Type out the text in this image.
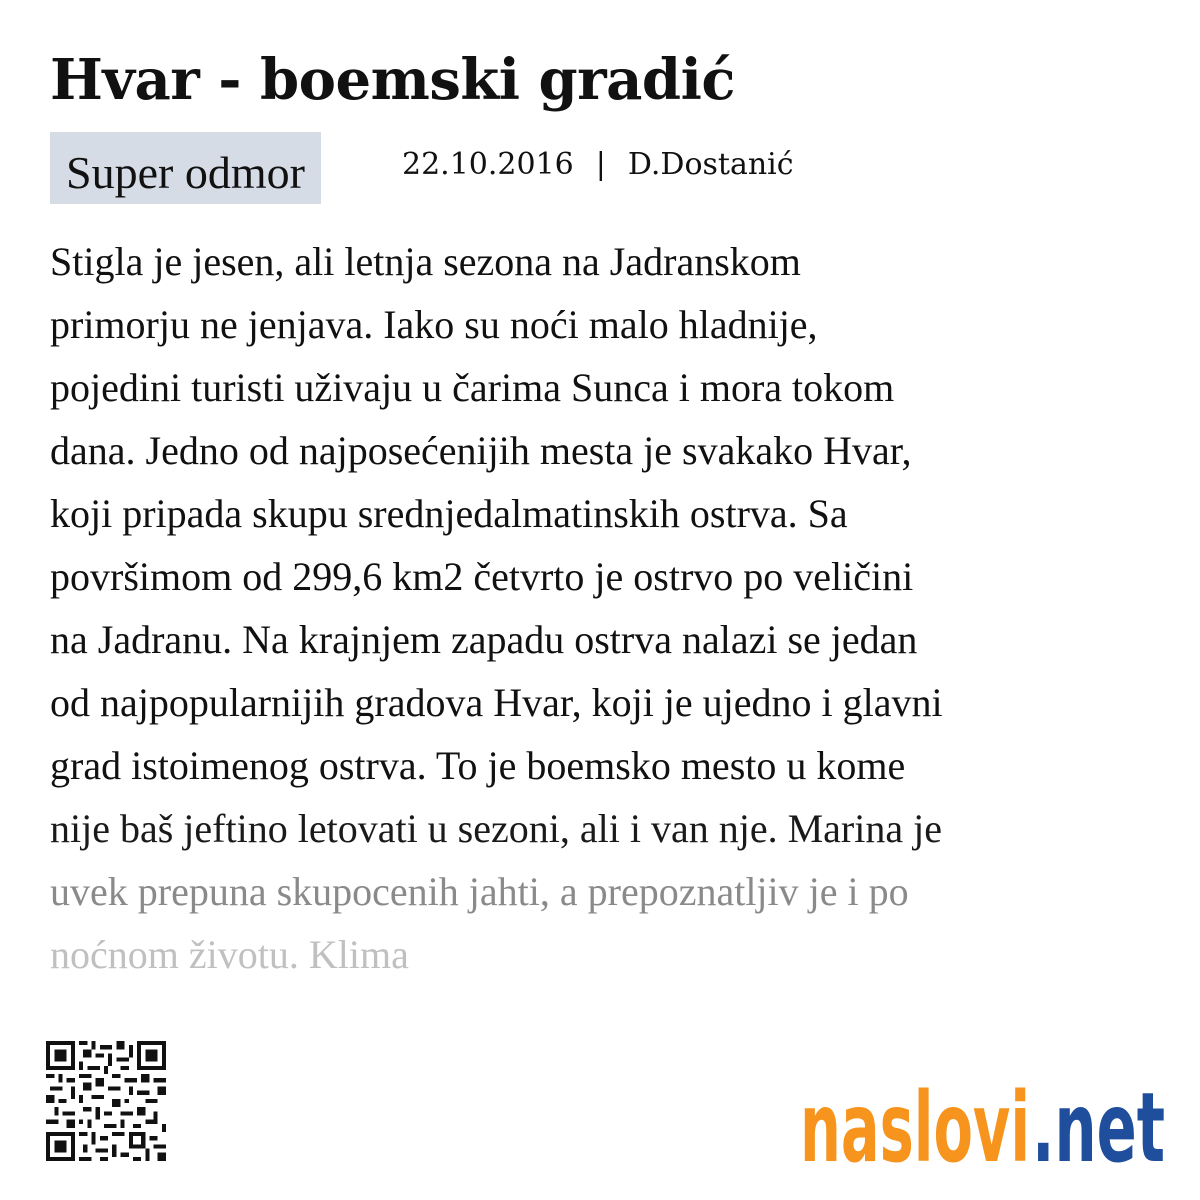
Hvar - boemski gradić
Super odmor	22.10.2016 | D.Dostanić
Stigla je jesen, ali letnja sezona na Jadranskom
primorju ne jenjava. Iako su noći malo hladnije,
pojedini turisti uživaju u čarima Sunca i mora tokom
dana. Jedno od najposećenijih mesta je svakako Hvar,
koji pripada skupu srednjedalmatinskih ostrva. Sa
površimom od 299,6 km2 četvrto je ostrvo po veličini
na Jadranu. Na krajnjem zapadu ostrva nalazi se jedan
od najpopularnijih gradova Hvar, koji je ujedno i glavni
grad istoimenog ostrva. To je boemsko mesto u kome
nije baš jeftino letovati u sezoni, ali i van nje. Marina je
uvek prepuna skupocenih jahti, a prepoznatljiv je i po
noćnom životu. Klima
naslovi .net
